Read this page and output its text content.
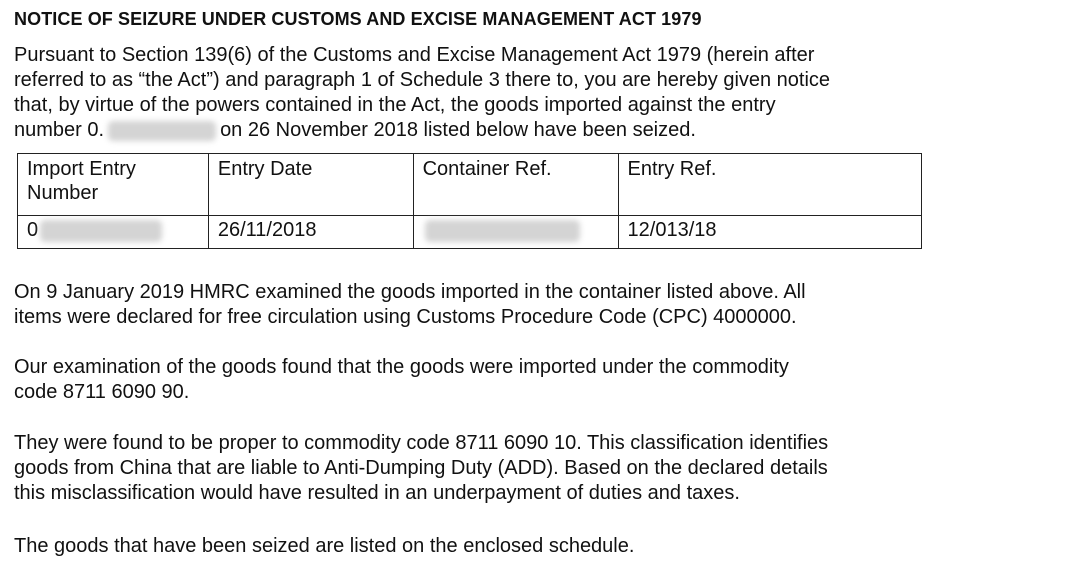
NOTICE OF SEIZURE UNDER CUSTOMS AND EXCISE MANAGEMENT ACT 1979
Pursuant to Section 139(6) of the Customs and Excise Management Act 1979 (herein after
referred to as “the Act”) and paragraph 1 of Schedule 3 there to, you are hereby given notice
that, by virtue of the powers contained in the Act, the goods imported against the entry
number 0.	on 26 November 2018 listed below have been seized.
Import Entry Number	Entry Date	Container Ref.	Entry Ref.
0	26/11/2018		12/013/18
On 9 January 2019 HMRC examined the goods imported in the container listed above. All
items were declared for free circulation using Customs Procedure Code (CPC) 4000000.
Our examination of the goods found that the goods were imported under the commodity
code 8711 6090 90.
They were found to be proper to commodity code 8711 6090 10. This classification identifies
goods from China that are liable to Anti-Dumping Duty (ADD). Based on the declared details
this misclassification would have resulted in an underpayment of duties and taxes.
The goods that have been seized are listed on the enclosed schedule.
